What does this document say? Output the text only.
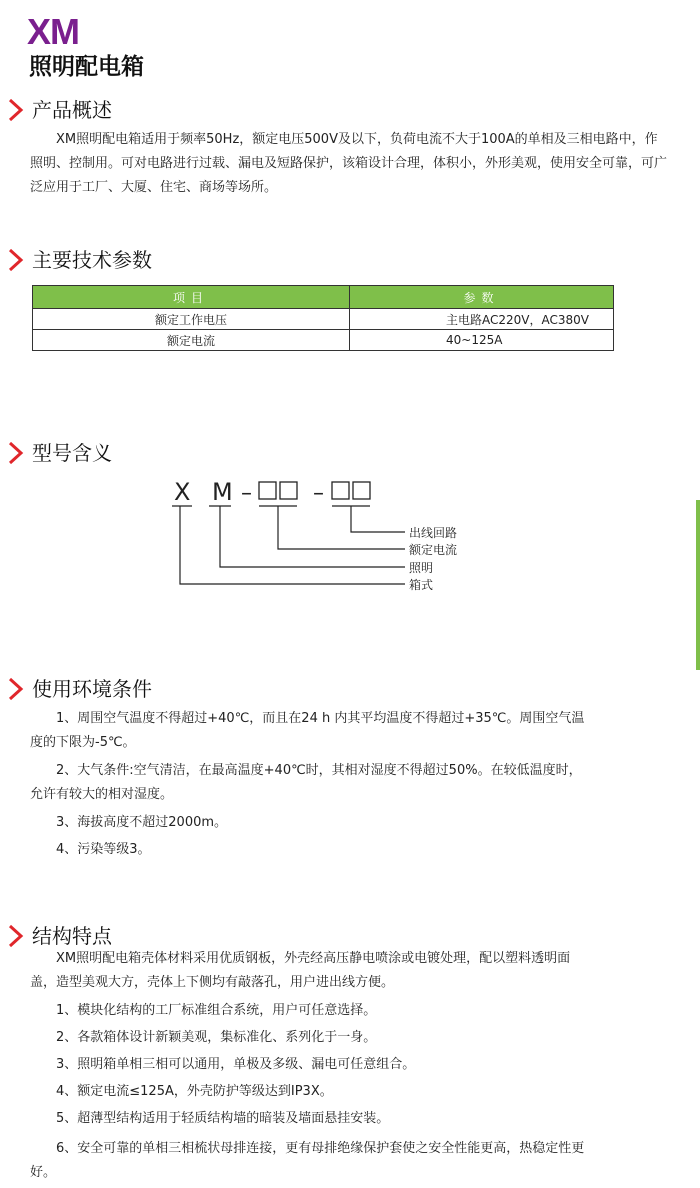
XM
照明配电箱
产品概述
XM照明配电箱适用于频率50Hz，额定电压500V及以下，负荷电流不大于100A的单相及三相电路中，作照明、控制用。可对电路进行过载、漏电及短路保护，该箱设计合理，体积小，外形美观，使用安全可靠，可广泛应用于工厂、大厦、住宅、商场等场所。
主要技术参数
项目	参数
额定工作电压	主电路AC220V，AC380V
额定电流	40~125A
型号含义
X M –	–
出线回路
额定电流
照明
箱式
使用环境条件
1、周围空气温度不得超过+40℃，而且在24 h 内其平均温度不得超过+35℃。周围空气温度的下限为-5℃。
2、大气条件:空气清洁，在最高温度+40℃时，其相对湿度不得超过50%。在较低温度时，允许有较大的相对湿度。
3、海拔高度不超过2000m。
4、污染等级3。
结构特点
XM照明配电箱壳体材料采用优质钢板，外壳经高压静电喷涂或电镀处理，配以塑料透明面盖，造型美观大方，壳体上下侧均有敲落孔，用户进出线方便。
1、模块化结构的工厂标准组合系统，用户可任意选择。
2、各款箱体设计新颖美观，集标准化、系列化于一身。
3、照明箱单相三相可以通用，单极及多级、漏电可任意组合。
4、额定电流≤125A，外壳防护等级达到IP3X。
5、超薄型结构适用于轻质结构墙的暗装及墙面悬挂安装。
6、安全可靠的单相三相梳状母排连接，更有母排绝缘保护套使之安全性能更高，热稳定性更好。
